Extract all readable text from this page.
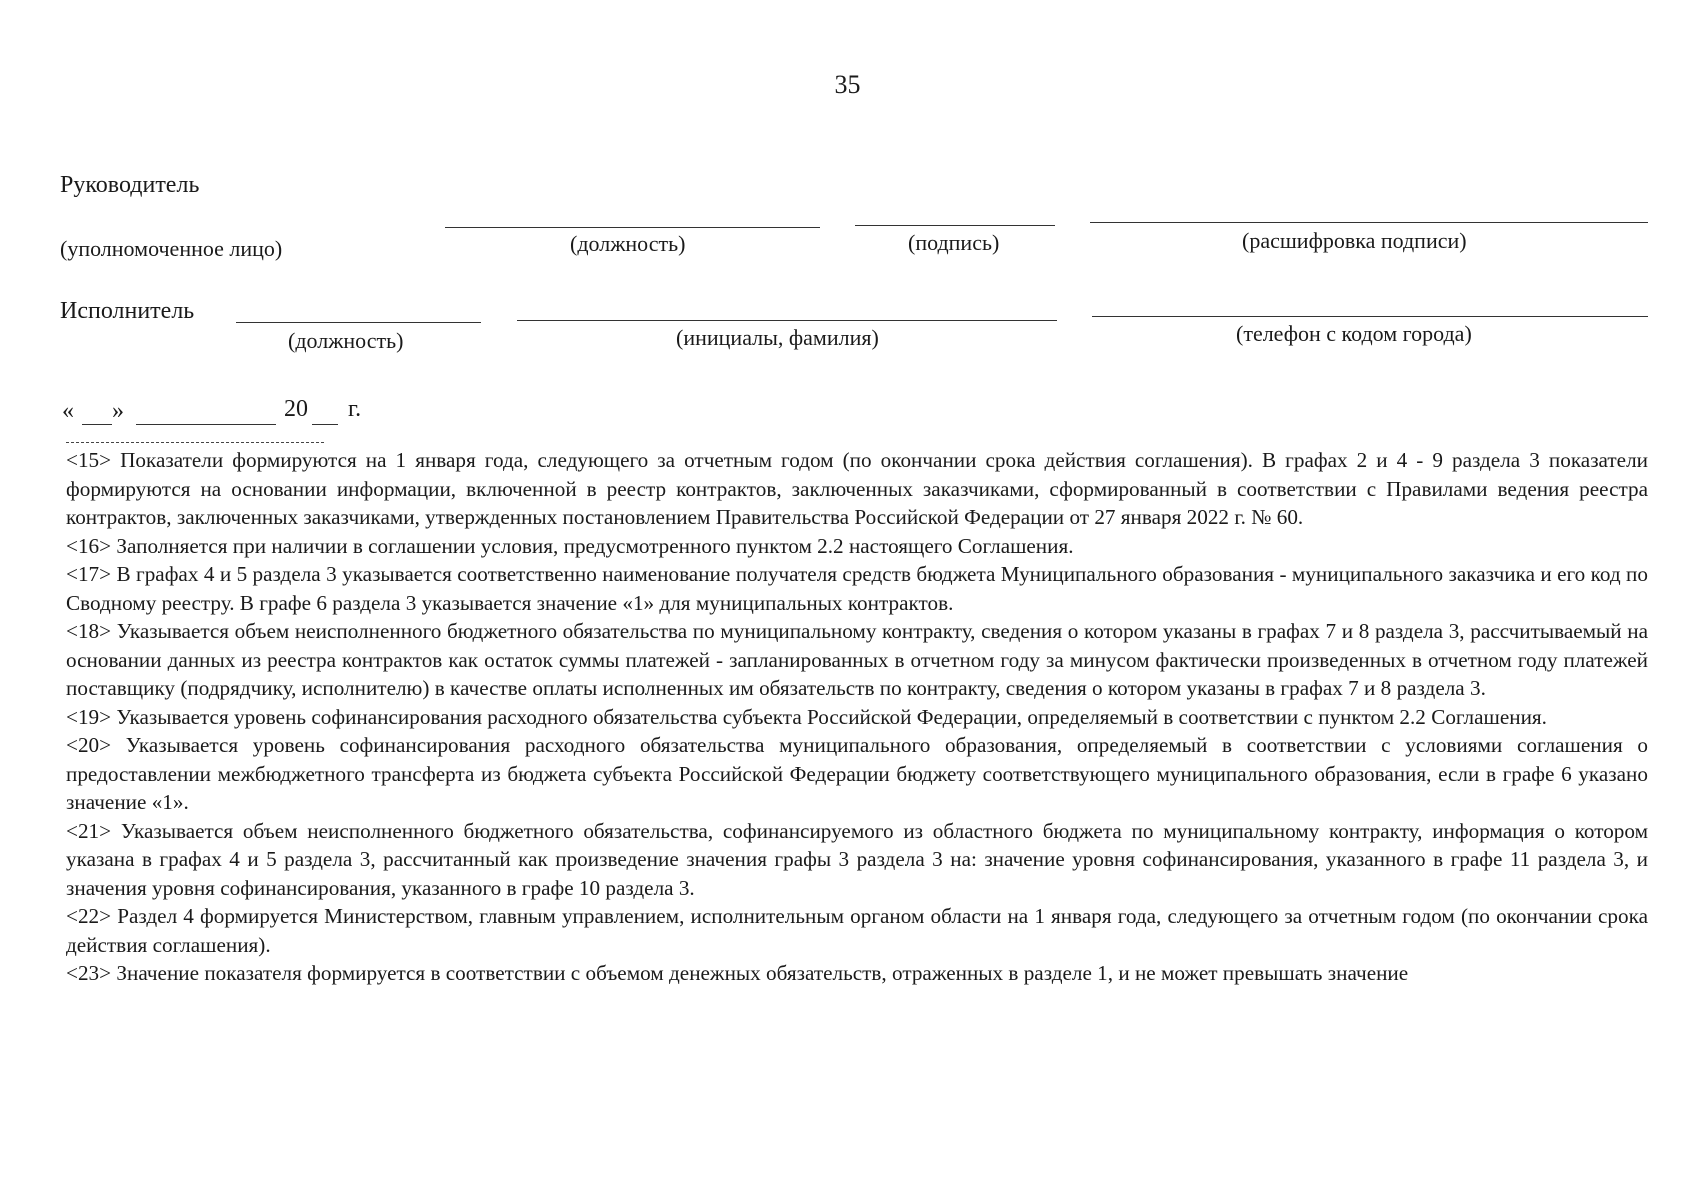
35
Руководитель
(уполномоченное лицо)	(должность)	(подпись)	(расшифровка подписи)
Исполнитель
(должность)	(инициалы, фамилия)	(телефон с кодом города)
« »	20 г.

<15> Показатели формируются на 1 января года, следующего за отчетным годом (по окончании срока действия соглашения). В графах 2 и 4 - 9 раздела 3 показатели формируются на основании информации, включенной в реестр контрактов, заключенных заказчиками, сформированный в соответствии с Правилами ведения реестра контрактов, заключенных заказчиками, утвержденных постановлением Правительства Российской Федерации от 27 января 2022 г. № 60.

<16> Заполняется при наличии в соглашении условия, предусмотренного пунктом 2.2 настоящего Соглашения.

<17> В графах 4 и 5 раздела 3 указывается соответственно наименование получателя средств бюджета Муниципального образования - муниципального заказчика и его код по Сводному реестру. В графе 6 раздела 3 указывается значение «1» для муниципальных контрактов.

<18> Указывается объем неисполненного бюджетного обязательства по муниципальному контракту, сведения о котором указаны в графах 7 и 8 раздела 3, рассчитываемый на основании данных из реестра контрактов как остаток суммы платежей - запланированных в отчетном году за минусом фактически произведенных в отчетном году платежей поставщику (подрядчику, исполнителю) в качестве оплаты исполненных им обязательств по контракту, сведения о котором указаны в графах 7 и 8 раздела 3.

<19> Указывается уровень софинансирования расходного обязательства субъекта Российской Федерации, определяемый в соответствии с пунктом 2.2 Соглашения.

<20> Указывается уровень софинансирования расходного обязательства муниципального образования, определяемый в соответствии с условиями соглашения о предоставлении межбюджетного трансферта из бюджета субъекта Российской Федерации бюджету соответствующего муниципального образования, если в графе 6 указано значение «1».

<21> Указывается объем неисполненного бюджетного обязательства, софинансируемого из областного бюджета по муниципальному контракту, информация о котором указана в графах 4 и 5 раздела 3, рассчитанный как произведение значения графы 3 раздела 3 на: значение уровня софинансирования, указанного в графе 11 раздела 3, и значения уровня софинансирования, указанного в графе 10 раздела 3.

<22> Раздел 4 формируется Министерством, главным управлением, исполнительным органом области на 1 января года, следующего за отчетным годом (по окончании срока действия соглашения).

<23> Значение показателя формируется в соответствии с объемом денежных обязательств, отраженных в разделе 1, и не может превышать значение
